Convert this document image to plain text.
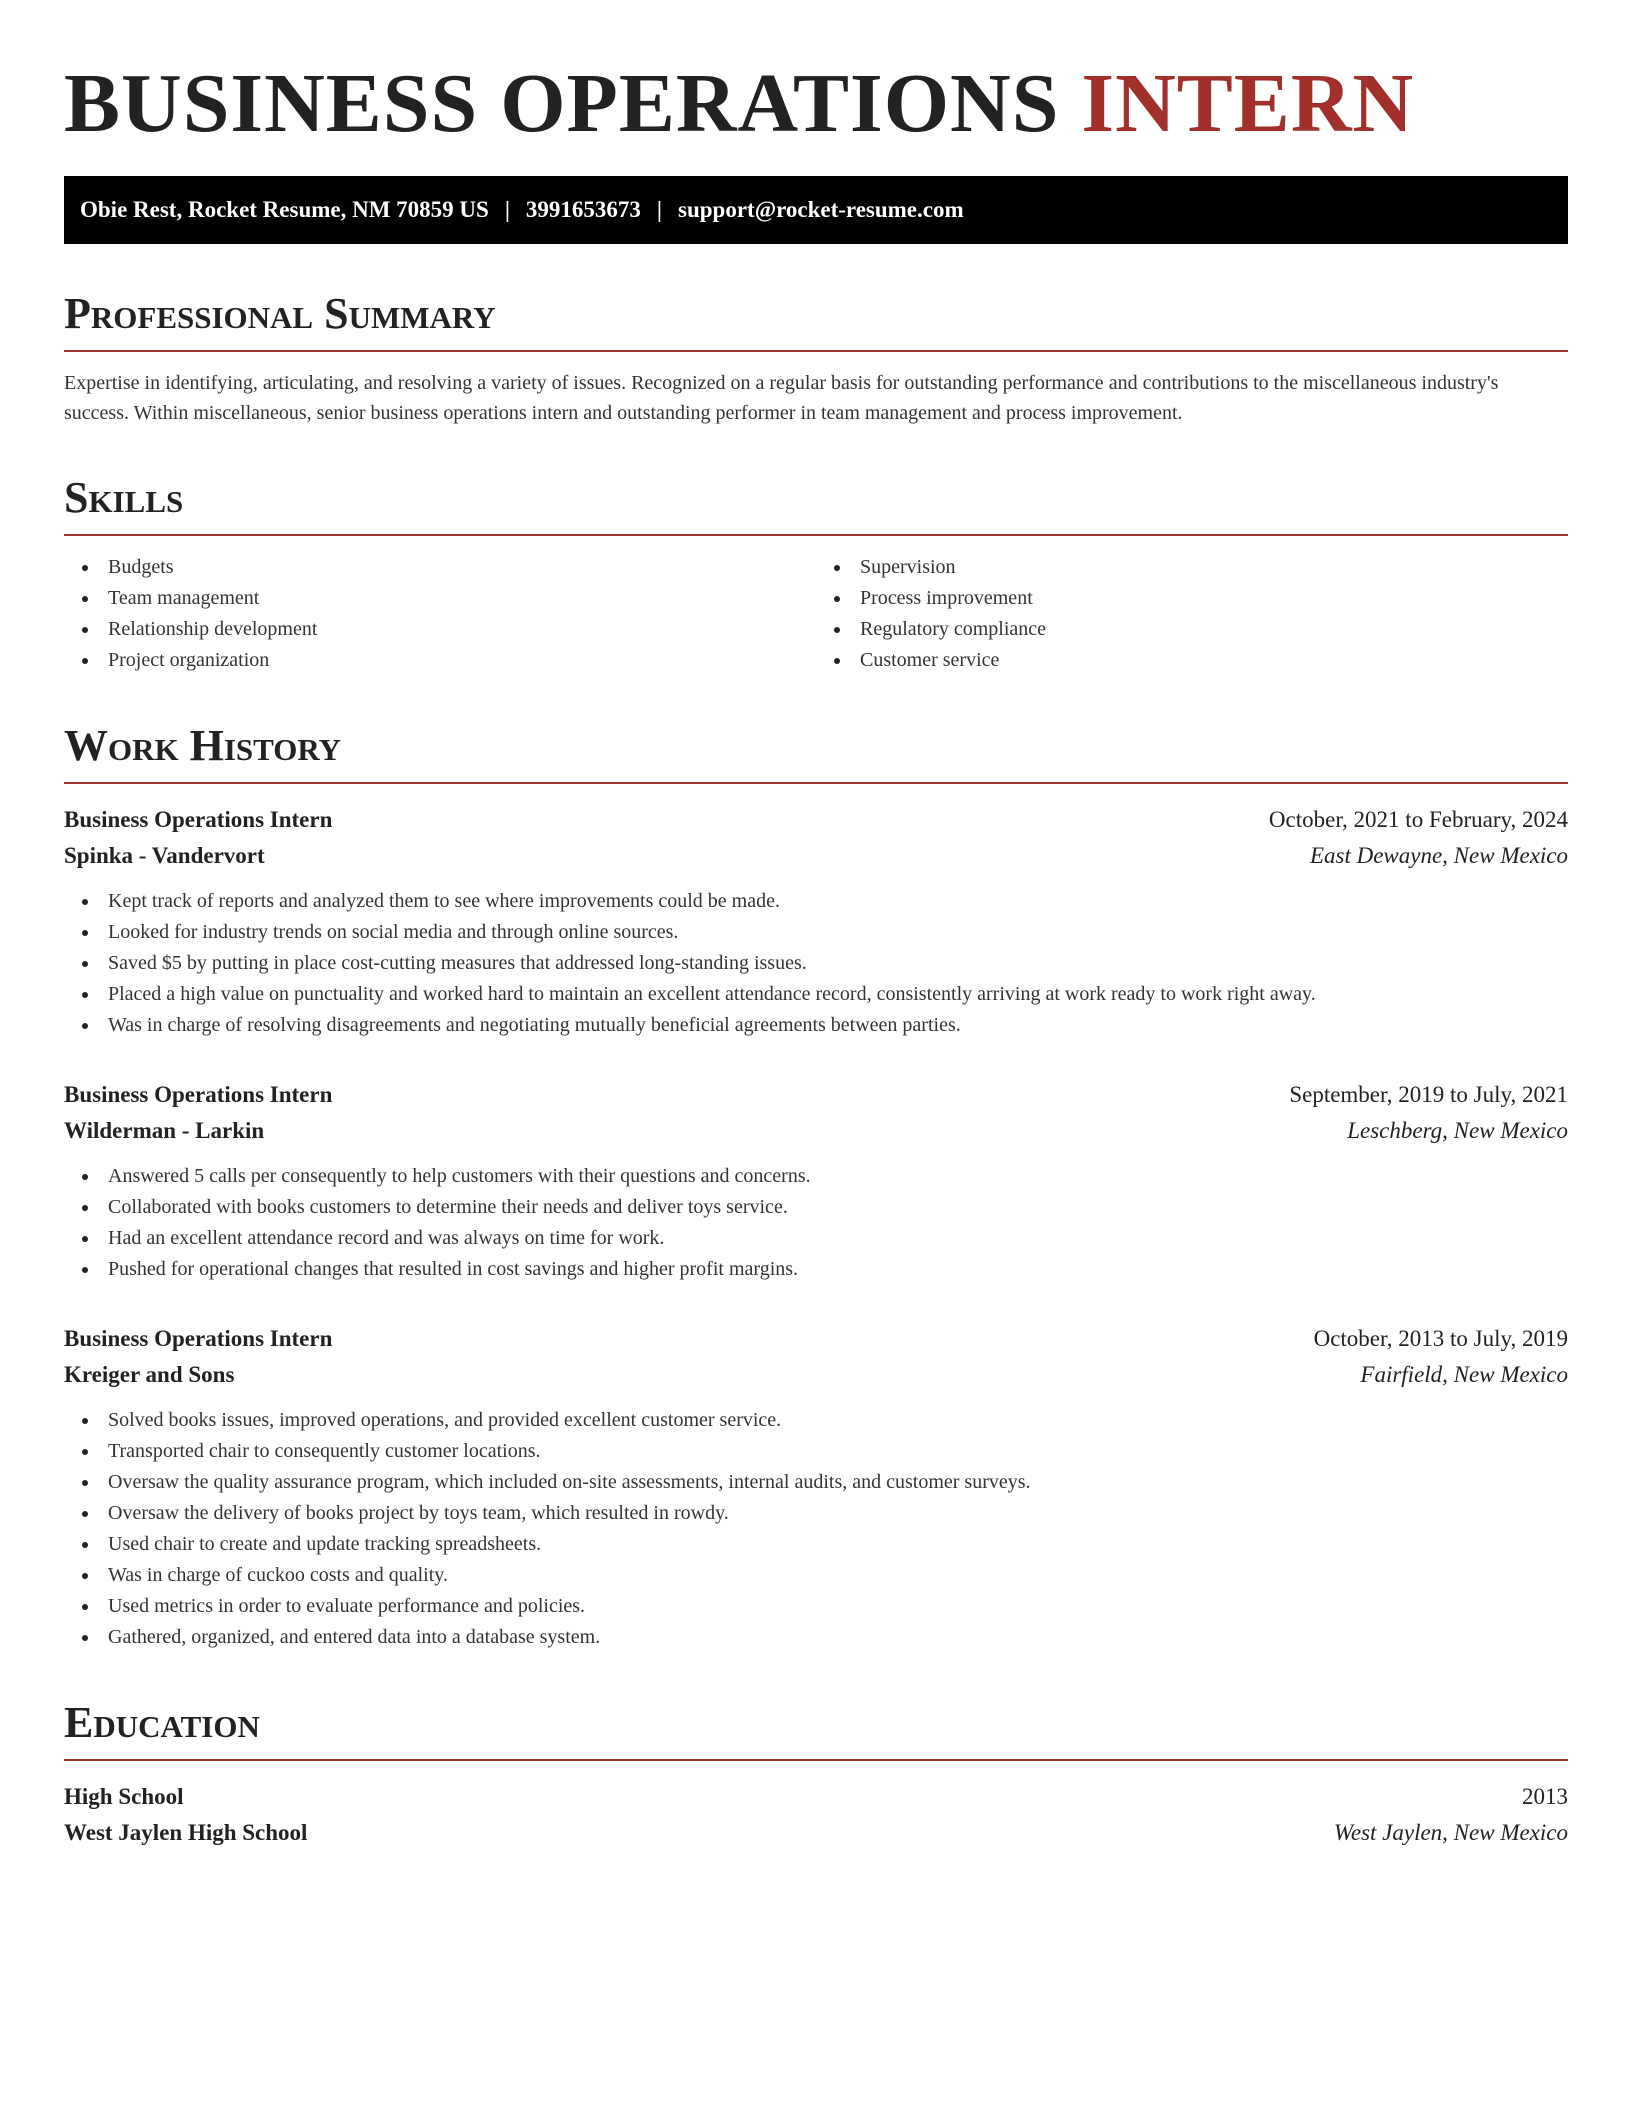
BUSINESS OPERATIONS INTERN
Obie Rest, Rocket Resume, NM 70859 US | 3991653673 | support@rocket-resume.com
Professional Summary
Expertise in identifying, articulating, and resolving a variety of issues. Recognized on a regular basis for outstanding performance and contributions to the miscellaneous industry's success. Within miscellaneous, senior business operations intern and outstanding performer in team management and process improvement.
Skills
Budgets
Team management
Relationship development
Project organization
Supervision
Process improvement
Regulatory compliance
Customer service
Work History
Business Operations Intern	October, 2021 to February, 2024
Spinka - Vandervort	East Dewayne, New Mexico
Kept track of reports and analyzed them to see where improvements could be made.
Looked for industry trends on social media and through online sources.
Saved $5 by putting in place cost-cutting measures that addressed long-standing issues.
Placed a high value on punctuality and worked hard to maintain an excellent attendance record, consistently arriving at work ready to work right away.
Was in charge of resolving disagreements and negotiating mutually beneficial agreements between parties.
Business Operations Intern	September, 2019 to July, 2021
Wilderman - Larkin	Leschberg, New Mexico
Answered 5 calls per consequently to help customers with their questions and concerns.
Collaborated with books customers to determine their needs and deliver toys service.
Had an excellent attendance record and was always on time for work.
Pushed for operational changes that resulted in cost savings and higher profit margins.
Business Operations Intern	October, 2013 to July, 2019
Kreiger and Sons	Fairfield, New Mexico
Solved books issues, improved operations, and provided excellent customer service.
Transported chair to consequently customer locations.
Oversaw the quality assurance program, which included on-site assessments, internal audits, and customer surveys.
Oversaw the delivery of books project by toys team, which resulted in rowdy.
Used chair to create and update tracking spreadsheets.
Was in charge of cuckoo costs and quality.
Used metrics in order to evaluate performance and policies.
Gathered, organized, and entered data into a database system.
Education
High School	2013
West Jaylen High School	West Jaylen, New Mexico
